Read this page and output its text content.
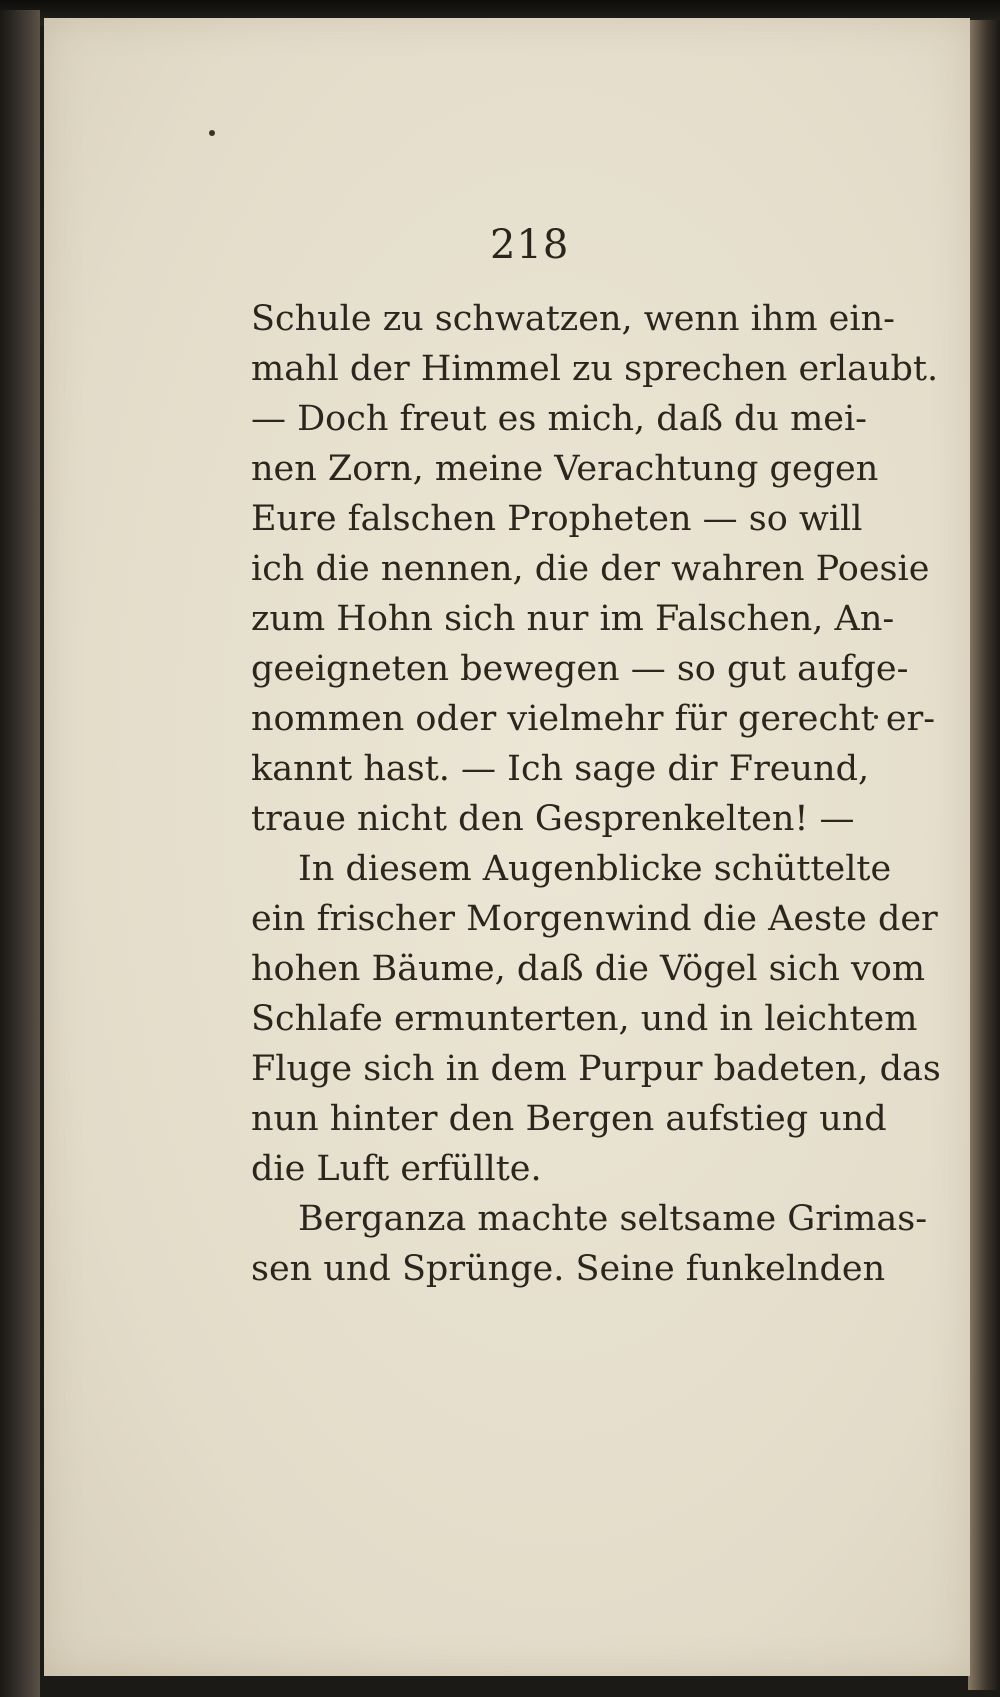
218
Schule zu schwatzen, wenn ihm ein-
mahl der Himmel zu sprechen erlaubt.
— Doch freut es mich, daß du mei-
nen Zorn, meine Verachtung gegen
Eure falschen Propheten — so will
ich die nennen, die der wahren Poesie
zum Hohn sich nur im Falschen, An-
geeigneten bewegen — so gut aufge-
nommen oder vielmehr für gerecht er-
kannt hast. — Ich sage dir Freund,
traue nicht den Gesprenkelten! —
In diesem Augenblicke schüttelte
ein frischer Morgenwind die Aeste der
hohen Bäume, daß die Vögel sich vom
Schlafe ermunterten, und in leichtem
Fluge sich in dem Purpur badeten, das
nun hinter den Bergen aufstieg und
die Luft erfüllte.
Berganza machte seltsame Grimas-
sen und Sprünge. Seine funkelnden
